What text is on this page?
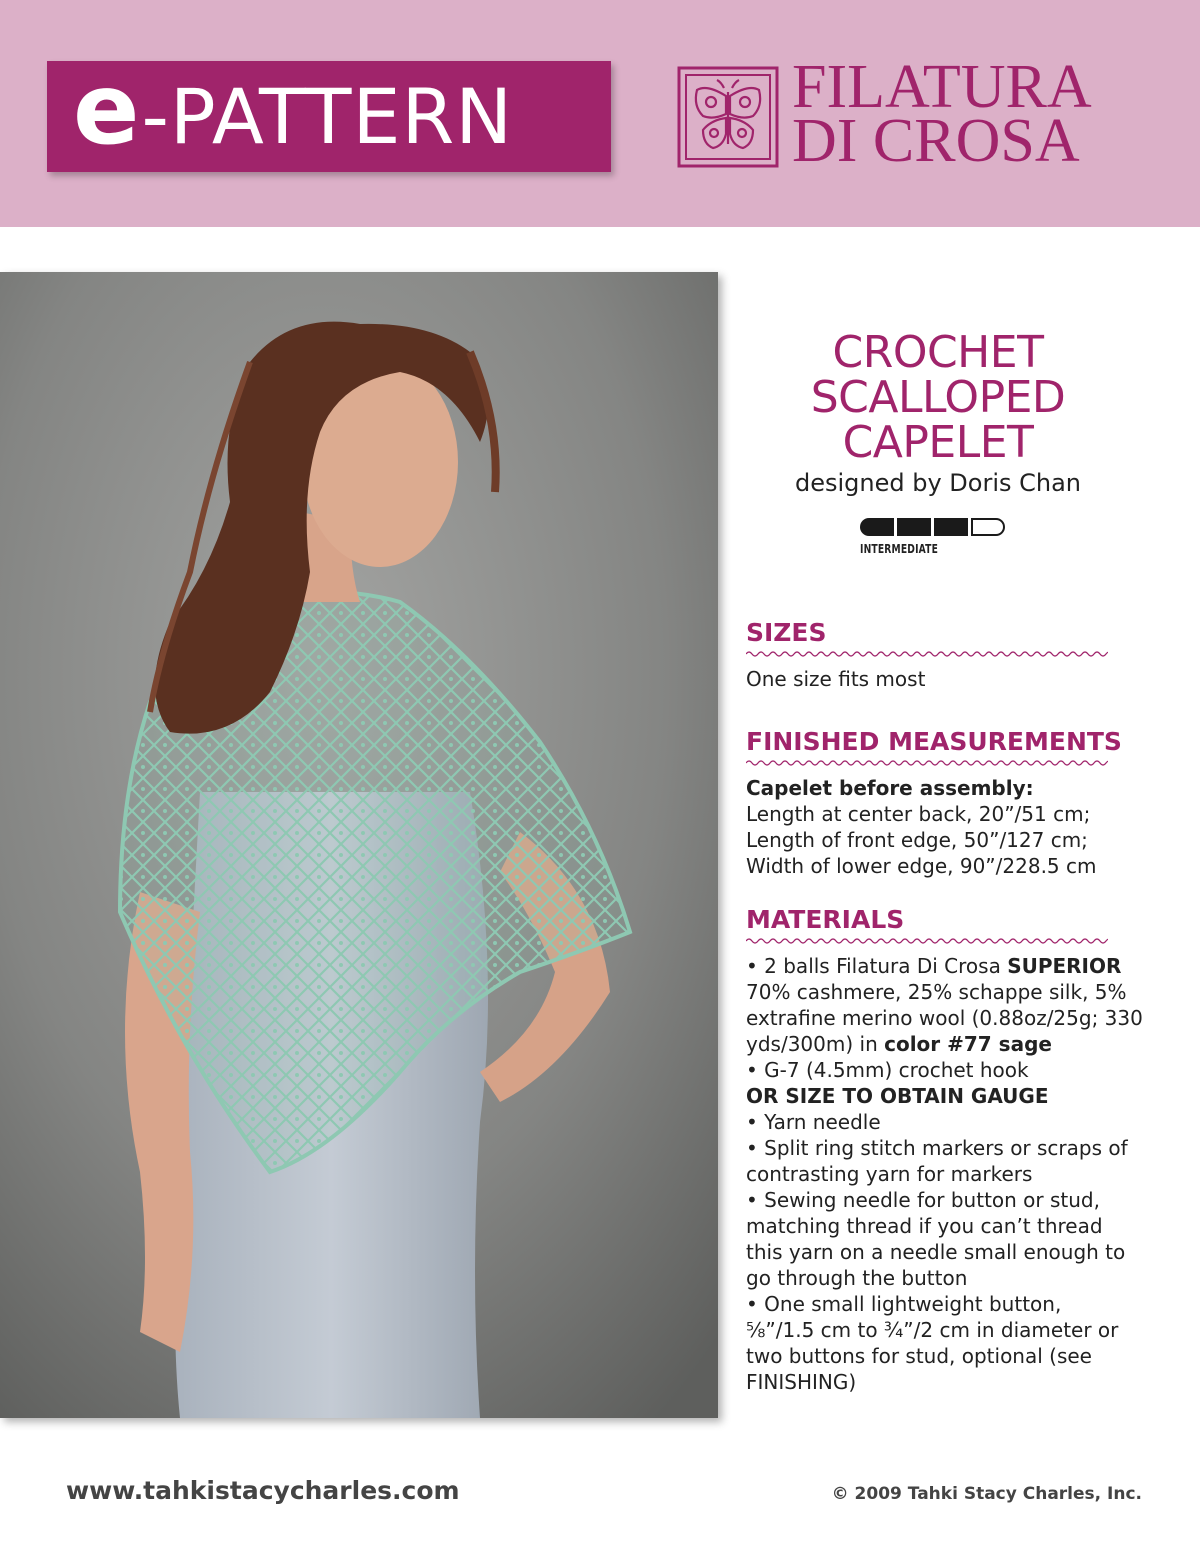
e -PATTERN	FILATURA
DI CROSA
CROCHET
SCALLOPED
CAPELET
designed by Doris Chan
INTERMEDIATE
SIZES
One size fits most
FINISHED MEASUREMENTS
Capelet before assembly:
Length at center back, 20”/51 cm;
Length of front edge, 50”/127 cm;
Width of lower edge, 90”/228.5 cm
MATERIALS
• 2 balls Filatura Di Crosa SUPERIOR
70% cashmere, 25% schappe silk, 5%
extrafine merino wool (0.88oz/25g; 330
yds/300m) in color #77 sage
• G-7 (4.5mm) crochet hook
OR SIZE TO OBTAIN GAUGE
• Yarn needle
• Split ring stitch markers or scraps of
contrasting yarn for markers
• Sewing needle for button or stud,
matching thread if you can’t thread
this yarn on a needle small enough to
go through the button
• One small lightweight button,
⅝”/1.5 cm to ¾”/2 cm in diameter or
two buttons for stud, optional (see
FINISHING)
www.tahkistacycharles.com	© 2009 Tahki Stacy Charles, Inc.
